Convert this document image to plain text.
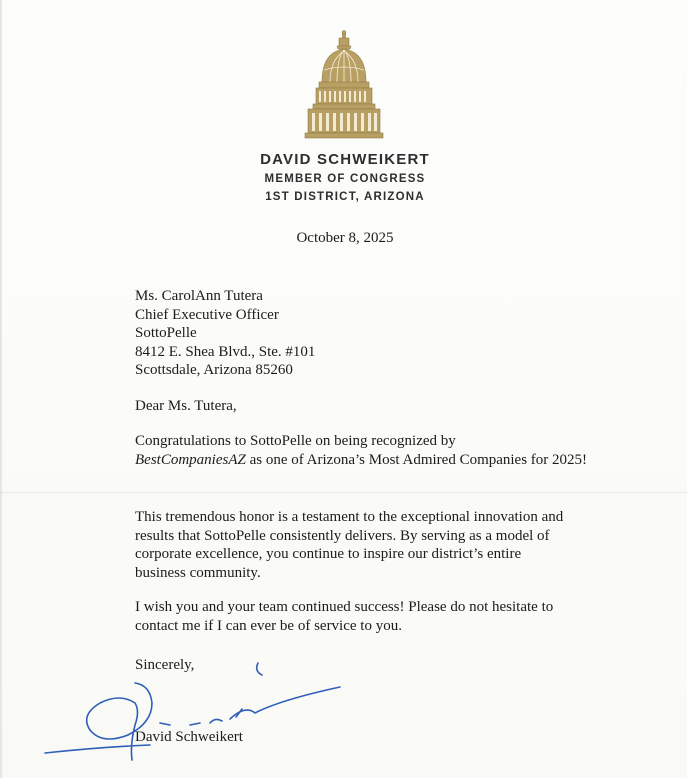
DAVID SCHWEIKERT
MEMBER OF CONGRESS
1ST DISTRICT, ARIZONA
October 8, 2025
Ms. CarolAnn Tutera
Chief Executive Officer
SottoPelle
8412 E. Shea Blvd., Ste. #101
Scottsdale, Arizona 85260
Dear Ms. Tutera,
Congratulations to SottoPelle on being recognized by
BestCompaniesAZ as one of Arizona’s Most Admired Companies for 2025!
This tremendous honor is a testament to the exceptional innovation and results that SottoPelle consistently delivers. By serving as a model of corporate excellence, you continue to inspire our district’s entire business community.
I wish you and your team continued success! Please do not hesitate to contact me if I can ever be of service to you.
Sincerely,
David Schweikert
